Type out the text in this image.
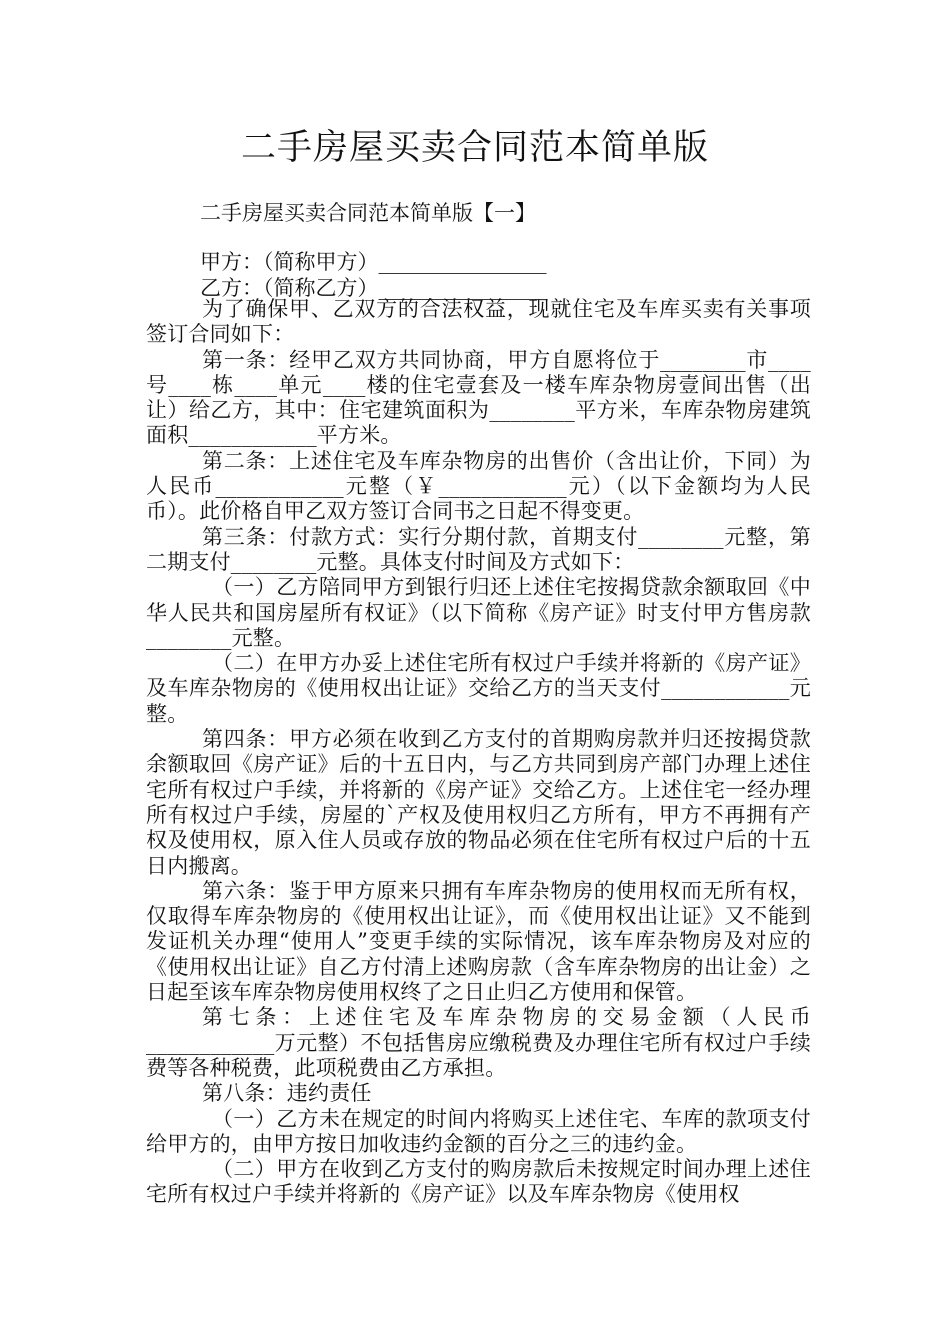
二手房屋买卖合同范本简单版
二手房屋买卖合同范本简单版【一】
甲方：（简称甲方）________________
乙方：（简称乙方）________________

为了确保甲、乙双方的合法权益，现就住宅及车库买卖有关事项签订合同如下：

第一条：经甲乙双方共同协商，甲方自愿将位于________市____号____栋____单元____楼的住宅壹套及一楼车库杂物房壹间出售（出让）给乙方，其中：住宅建筑面积为________平方米，车库杂物房建筑面积____________平方米。

第二条：上述住宅及车库杂物房的出售价（含出让价，下同）为人民币____________元整（￥____________元）（以下金额均为人民币）。此价格自甲乙双方签订合同书之日起不得变更。

第三条：付款方式：实行分期付款，首期支付________元整，第二期支付________元整。具体支付时间及方式如下：

（一）乙方陪同甲方到银行归还上述住宅按揭贷款余额取回《中华人民共和国房屋所有权证》（以下简称《房产证》时支付甲方售房款________元整。

（二）在甲方办妥上述住宅所有权过户手续并将新的《房产证》及车库杂物房的《使用权出让证》交给乙方的当天支付____________元整。

第四条：甲方必须在收到乙方支付的首期购房款并归还按揭贷款余额取回《房产证》后的十五日内，与乙方共同到房产部门办理上述住宅所有权过户手续，并将新的《房产证》交给乙方。上述住宅一经办理所有权过户手续，房屋的`产权及使用权归乙方所有，甲方不再拥有产权及使用权，原入住人员或存放的物品必须在住宅所有权过户后的十五日内搬离。

第六条：鉴于甲方原来只拥有车库杂物房的使用权而无所有权，仅取得车库杂物房的《使用权出让证》，而《使用权出让证》又不能到发证机关办理“使用人”变更手续的实际情况，该车库杂物房及对应的《使用权出让证》自乙方付清上述购房款（含车库杂物房的出让金）之日起至该车库杂物房使用权终了之日止归乙方使用和保管。

第七条：上述住宅及车库杂物房的交易金额（人民币____________万元整）不包括售房应缴税费及办理住宅所有权过户手续费等各种税费，此项税费由乙方承担。

第八条：违约责任

（一）乙方未在规定的时间内将购买上述住宅、车库的款项支付给甲方的，由甲方按日加收违约金额的百分之三的违约金。

（二）甲方在收到乙方支付的购房款后未按规定时间办理上述住宅所有权过户手续并将新的《房产证》以及车库杂物房《使用权
